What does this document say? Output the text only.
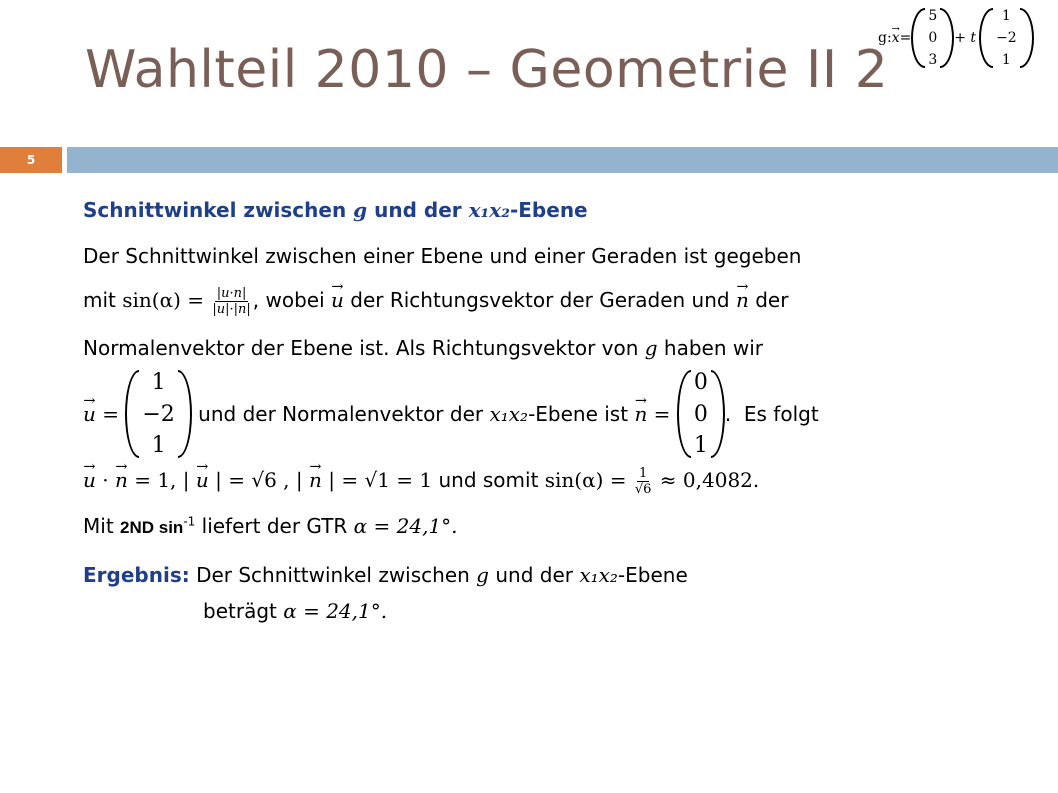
Wahlteil 2010 – Geometrie II 2
g: → x =
5
0
3
+ t
1
−2
1
5
Schnittwinkel zwischen g und der x₁x₂-Ebene
Der Schnittwinkel zwischen einer Ebene und einer Geraden ist gegeben
mit $\sin(\alpha) = \frac{|u\cdot n|}{|u|\cdot|n|}$ , wobei → u der Richtungsvektor der Geraden und → n der
Normalenvektor der Ebene ist. Als Richtungsvektor von g haben wir
→ u =
1
−2
1
und der Normalenvektor der x₁x₂ -Ebene ist → n =
0
0
1
.  Es folgt
→ u · → n = 1, | → u | = √6 , | → n | = √1 = 1 und somit $\sin(\alpha) = \frac{1}{√6} \approx 0,4082$.
Mit 2ND $\sin^{-1}$ liefert der GTR α = 24,1°.
Ergebnis: Der Schnittwinkel zwischen g und der x₁x₂-Ebene
beträgt α = 24,1°.
